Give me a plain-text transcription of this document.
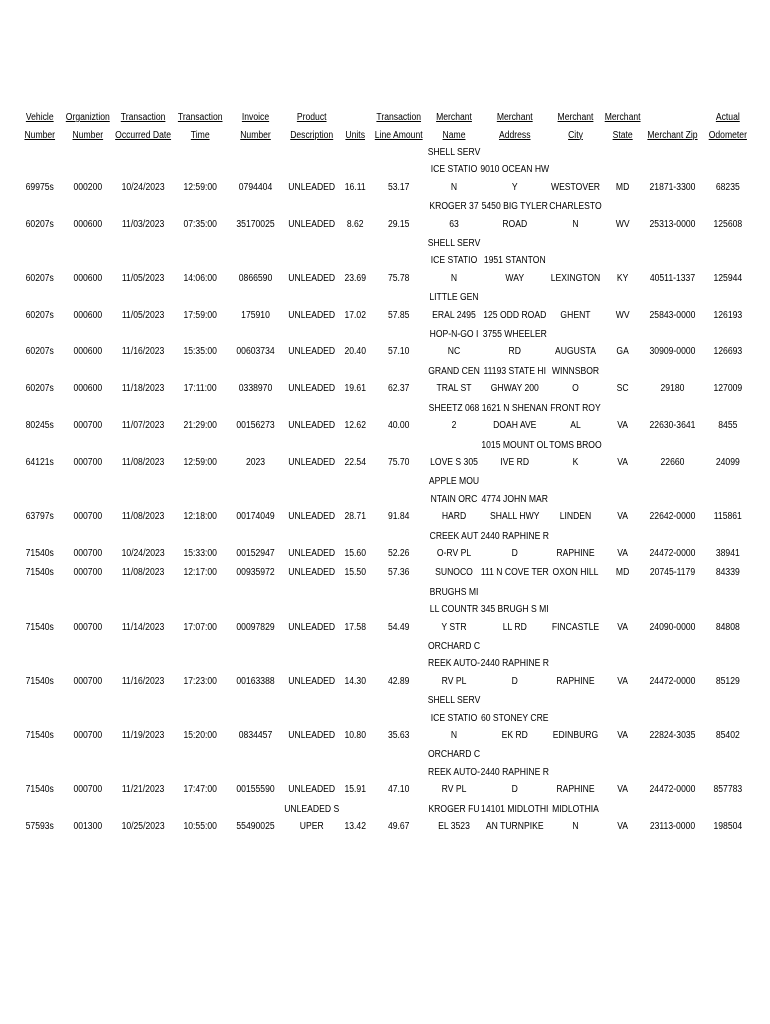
Vehicle Number	Organiztion Number	Transaction Occurred Date	Transaction Time	Invoice Number	Product Description	Units	Transaction Line Amount	Merchant Name	Merchant Address	Merchant City	Merchant State	Merchant Zip	Actual Odometer
69975s	000200	10/24/2023	12:59:00	0794404	UNLEADED	16.11	53.17	SHELL SERVICE STATION	9010 OCEAN HWY	WESTOVER	MD	21871-3300	68235
60207s	000600	11/03/2023	07:35:00	35170025	UNLEADED	8.62	29.15	KROGER 3763	5450 BIG TYLER ROAD	CHARLESTON	WV	25313-0000	125608
60207s	000600	11/05/2023	14:06:00	0866590	UNLEADED	23.69	75.78	SHELL SERVICE STATION	1951 STANTON WAY	LEXINGTON	KY	40511-1337	125944
60207s	000600	11/05/2023	17:59:00	175910	UNLEADED	17.02	57.85	LITTLE GENERAL 2495	125 ODD ROAD	GHENT	WV	25843-0000	126193
60207s	000600	11/16/2023	15:35:00	00603734	UNLEADED	20.40	57.10	HOP-N-GO INC	3755 WHEELER RD	AUGUSTA	GA	30909-0000	126693
60207s	000600	11/18/2023	17:11:00	0338970	UNLEADED	19.61	62.37	GRAND CENTRAL ST	11193 STATE HIGHWAY 200	WINNSBORO	SC	29180	127009
80245s	000700	11/07/2023	21:29:00	00156273	UNLEADED	12.62	40.00	SHEETZ 0682	1621 N SHENANDOAH AVE	FRONT ROYAL	VA	22630-3641	8455
64121s	000700	11/08/2023	12:59:00	2023	UNLEADED	22.54	75.70	LOVE S 305	1015 MOUNT OLIVE RD	TOMS BROOK	VA	22660	24099
63797s	000700	11/08/2023	12:18:00	00174049	UNLEADED	28.71	91.84	APPLE MOUNTAIN ORCHARD	4774 JOHN MARSHALL HWY	LINDEN	VA	22642-0000	115861
71540s	000700	10/24/2023	15:33:00	00152947	UNLEADED	15.60	52.26	CREEK AUTO-RV PL	2440 RAPHINE RD	RAPHINE	VA	24472-0000	38941
71540s	000700	11/08/2023	12:17:00	00935972	UNLEADED	15.50	57.36	SUNOCO	111 N COVE TER	OXON HILL	MD	20745-1179	84339
71540s	000700	11/14/2023	17:07:00	00097829	UNLEADED	17.58	54.49	BRUGHS MILL COUNTRY STR	345 BRUGH S MILL RD	FINCASTLE	VA	24090-0000	84808
71540s	000700	11/16/2023	17:23:00	00163388	UNLEADED	14.30	42.89	ORCHARD CREEK AUTO-RV PL	2440 RAPHINE RD	RAPHINE	VA	24472-0000	85129
71540s	000700	11/19/2023	15:20:00	0834457	UNLEADED	10.80	35.63	SHELL SERVICE STATION	60 STONEY CREEK RD	EDINBURG	VA	22824-3035	85402
71540s	000700	11/21/2023	17:47:00	00155590	UNLEADED	15.91	47.10	ORCHARD CREEK AUTO-RV PL	2440 RAPHINE RD	RAPHINE	VA	24472-0000	857783
57593s	001300	10/25/2023	10:55:00	55490025	UNLEADED SUPER	13.42	49.67	KROGER FUEL 3523	14101 MIDLOTHIAN TURNPIKE	MIDLOTHIAN	VA	23113-0000	198504
